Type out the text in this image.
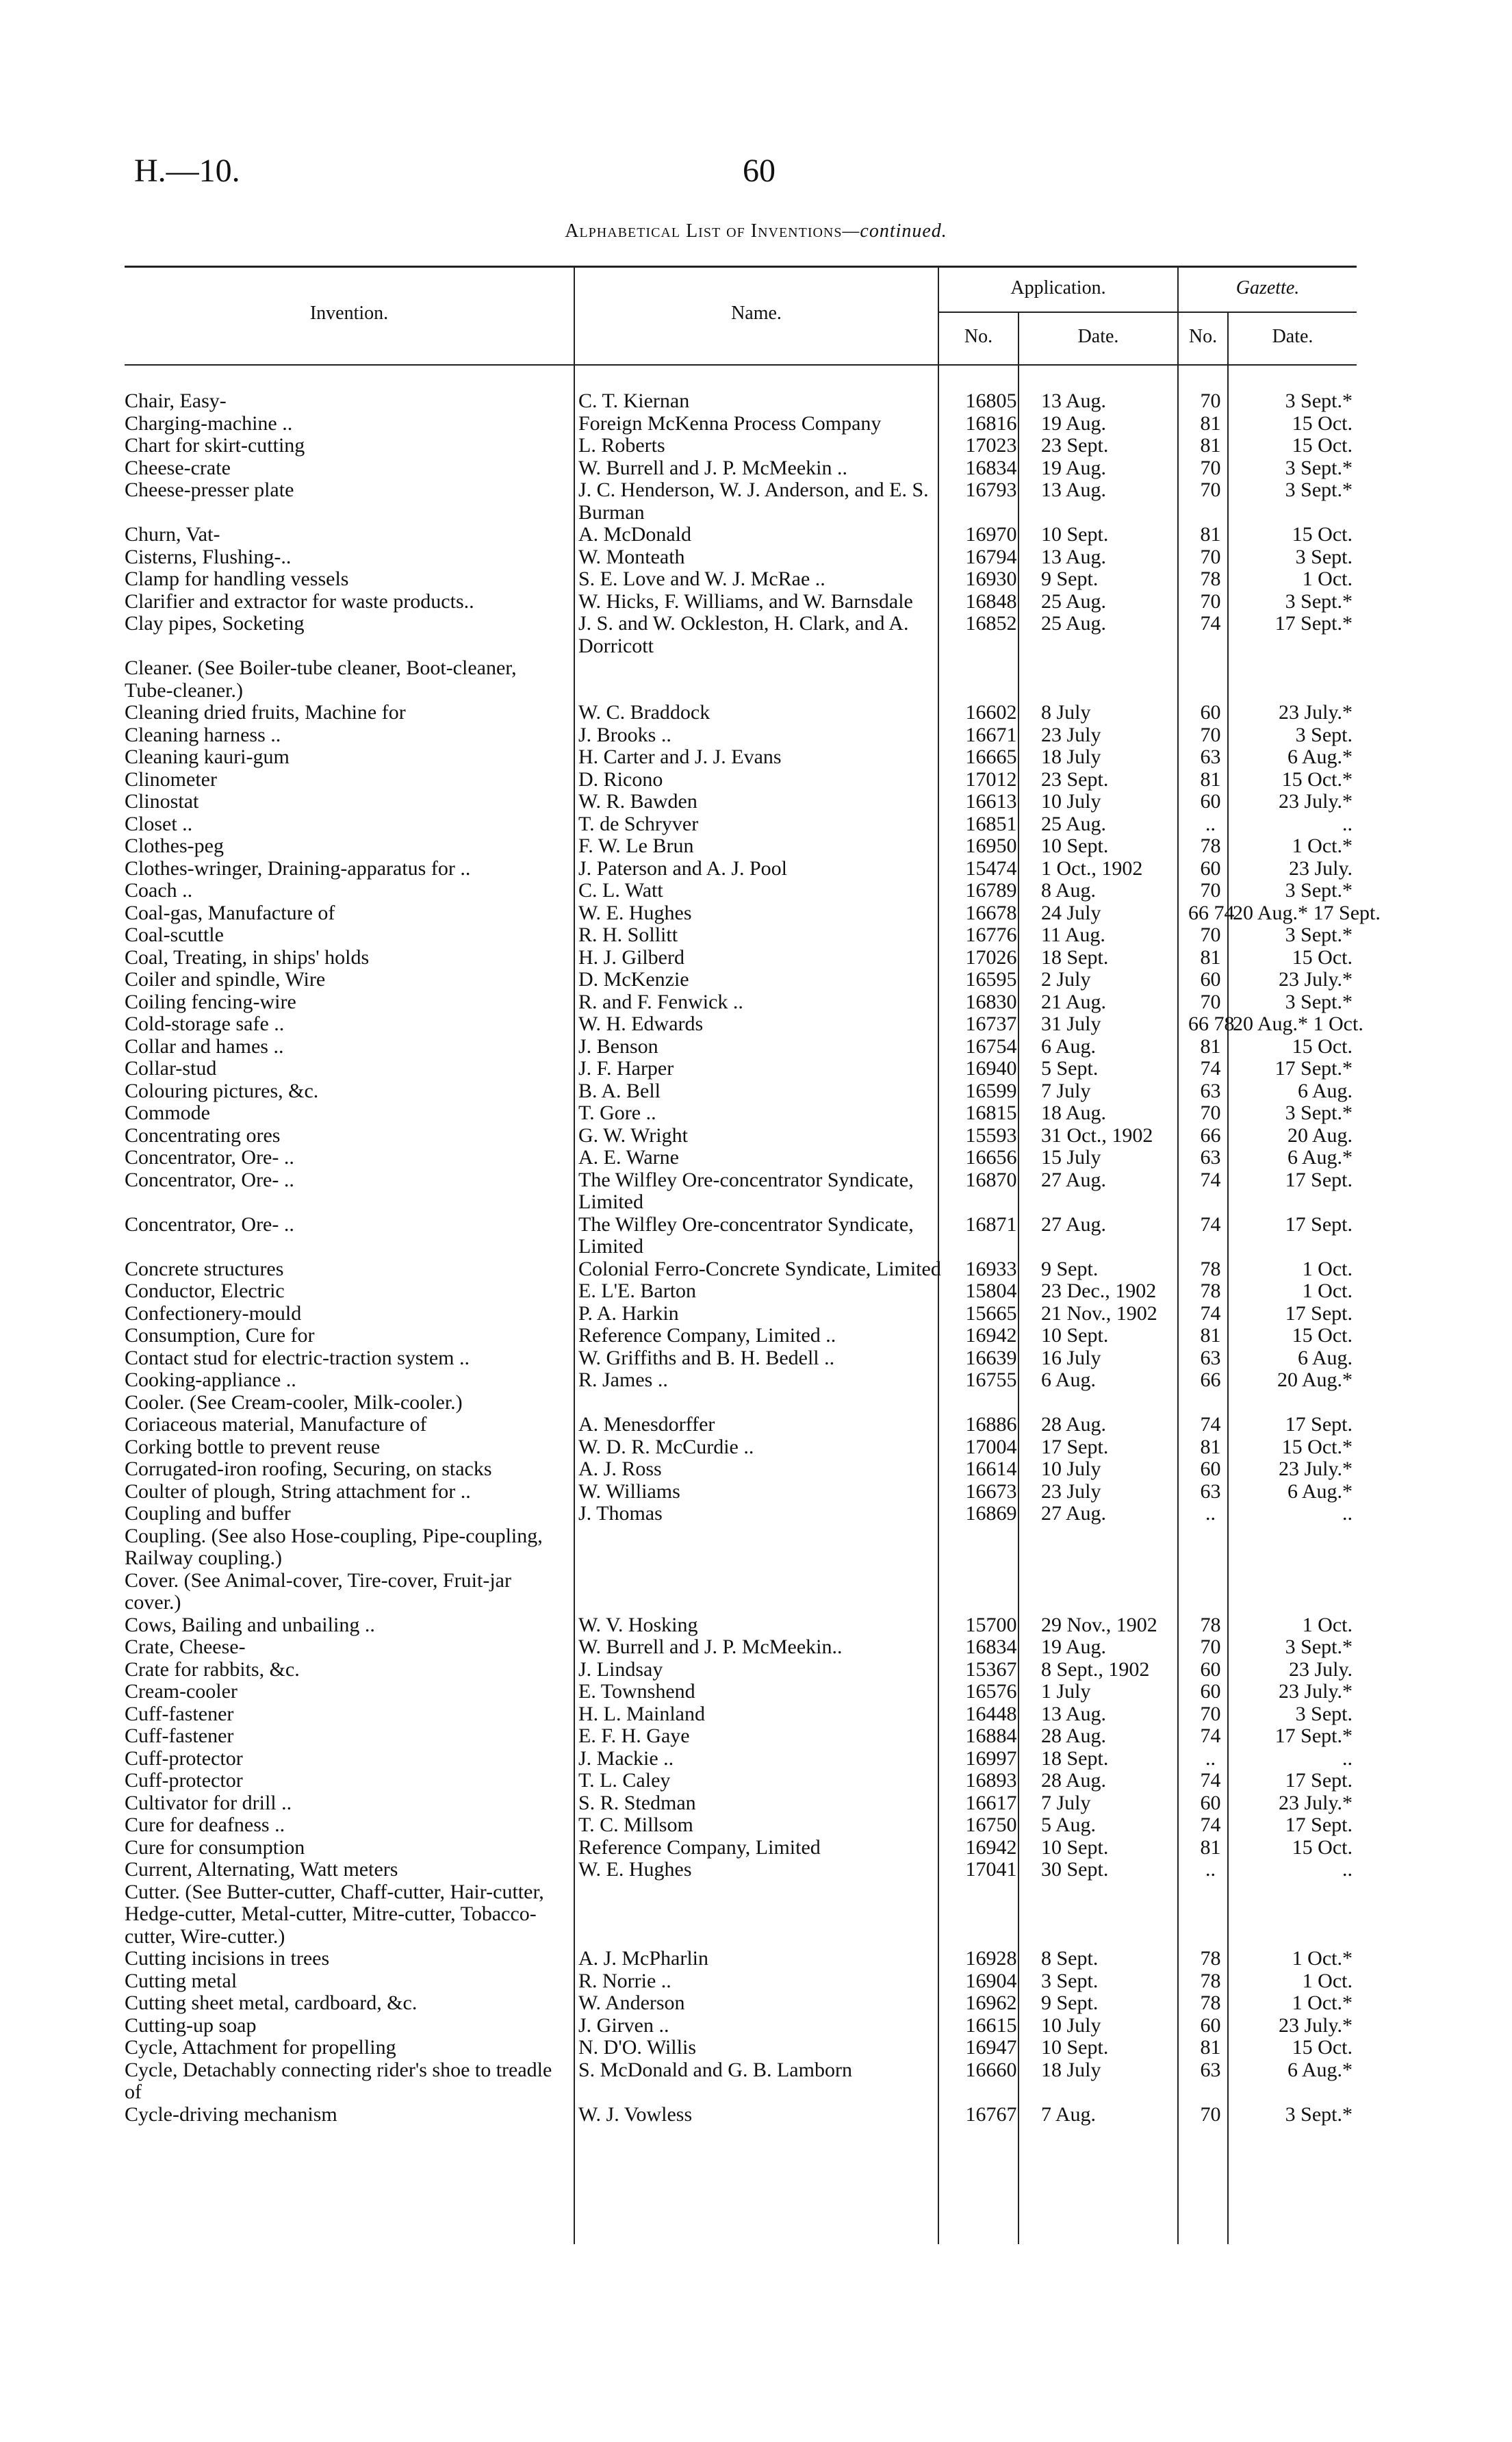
H.—10.	60
Alphabetical List of Inventions—continued.
Invention.	Name.
Application.	Gazette.
No.	Date.	No.	Date.
Chair, Easy-	C. T. Kiernan	16805	13 Aug.	70	3 Sept.*
Charging-machine ..	Foreign McKenna Process Company	16816	19 Aug.	81	15 Oct.
Chart for skirt-cutting	L. Roberts	17023	23 Sept.	81	15 Oct.
Cheese-crate	W. Burrell and J. P. McMeekin ..	16834	19 Aug.	70	3 Sept.*
Cheese-presser plate	J. C. Henderson, W. J. Anderson, and E. S. Burman	16793	13 Aug.	70	3 Sept.*
Churn, Vat-	A. McDonald	16970	10 Sept.	81	15 Oct.
Cisterns, Flushing-..	W. Monteath	16794	13 Aug.	70	3 Sept.
Clamp for handling vessels	S. E. Love and W. J. McRae ..	16930	9 Sept.	78	1 Oct.
Clarifier and extractor for waste products..	W. Hicks, F. Williams, and W. Barnsdale	16848	25 Aug.	70	3 Sept.*
Clay pipes, Socketing	J. S. and W. Ockleston, H. Clark, and A. Dorricott	16852	25 Aug.	74	17 Sept.*
Cleaner. (See Boiler-tube cleaner, Boot-cleaner, Tube-cleaner.)					
Cleaning dried fruits, Machine for	W. C. Braddock	16602	8 July	60	23 July.*
Cleaning harness ..	J. Brooks ..	16671	23 July	70	3 Sept.
Cleaning kauri-gum	H. Carter and J. J. Evans	16665	18 July	63	6 Aug.*
Clinometer	D. Ricono	17012	23 Sept.	81	15 Oct.*
Clinostat	W. R. Bawden	16613	10 July	60	23 July.*
Closet ..	T. de Schryver	16851	25 Aug.	..	..
Clothes-peg	F. W. Le Brun	16950	10 Sept.	78	1 Oct.*
Clothes-wringer, Draining-apparatus for ..	J. Paterson and A. J. Pool	15474	1 Oct., 1902	60	23 July.
Coach ..	C. L. Watt	16789	8 Aug.	70	3 Sept.*
Coal-gas, Manufacture of	W. E. Hughes	16678	24 July	66 74	20 Aug.* 17 Sept.
Coal-scuttle	R. H. Sollitt	16776	11 Aug.	70	3 Sept.*
Coal, Treating, in ships' holds	H. J. Gilberd	17026	18 Sept.	81	15 Oct.
Coiler and spindle, Wire	D. McKenzie	16595	2 July	60	23 July.*
Coiling fencing-wire	R. and F. Fenwick ..	16830	21 Aug.	70	3 Sept.*
Cold-storage safe ..	W. H. Edwards	16737	31 July	66 78	20 Aug.* 1 Oct.
Collar and hames ..	J. Benson	16754	6 Aug.	81	15 Oct.
Collar-stud	J. F. Harper	16940	5 Sept.	74	17 Sept.*
Colouring pictures, &c.	B. A. Bell	16599	7 July	63	6 Aug.
Commode	T. Gore ..	16815	18 Aug.	70	3 Sept.*
Concentrating ores	G. W. Wright	15593	31 Oct., 1902	66	20 Aug.
Concentrator, Ore- ..	A. E. Warne	16656	15 July	63	6 Aug.*
Concentrator, Ore- ..	The Wilfley Ore-concentrator Syndicate, Limited	16870	27 Aug.	74	17 Sept.
Concentrator, Ore- ..	The Wilfley Ore-concentrator Syndicate, Limited	16871	27 Aug.	74	17 Sept.
Concrete structures	Colonial Ferro-Concrete Syndicate, Limited	16933	9 Sept.	78	1 Oct.
Conductor, Electric	E. L'E. Barton	15804	23 Dec., 1902	78	1 Oct.
Confectionery-mould	P. A. Harkin	15665	21 Nov., 1902	74	17 Sept.
Consumption, Cure for	Reference Company, Limited ..	16942	10 Sept.	81	15 Oct.
Contact stud for electric-traction system ..	W. Griffiths and B. H. Bedell ..	16639	16 July	63	6 Aug.
Cooking-appliance ..	R. James ..	16755	6 Aug.	66	20 Aug.*
Cooler. (See Cream-cooler, Milk-cooler.)					
Coriaceous material, Manufacture of	A. Menesdorffer	16886	28 Aug.	74	17 Sept.
Corking bottle to prevent reuse	W. D. R. McCurdie ..	17004	17 Sept.	81	15 Oct.*
Corrugated-iron roofing, Securing, on stacks	A. J. Ross	16614	10 July	60	23 July.*
Coulter of plough, String attachment for ..	W. Williams	16673	23 July	63	6 Aug.*
Coupling and buffer	J. Thomas	16869	27 Aug.	..	..
Coupling. (See also Hose-coupling, Pipe-coupling, Railway coupling.)					
Cover. (See Animal-cover, Tire-cover, Fruit-jar cover.)					
Cows, Bailing and unbailing ..	W. V. Hosking	15700	29 Nov., 1902	78	1 Oct.
Crate, Cheese-	W. Burrell and J. P. McMeekin..	16834	19 Aug.	70	3 Sept.*
Crate for rabbits, &c.	J. Lindsay	15367	8 Sept., 1902	60	23 July.
Cream-cooler	E. Townshend	16576	1 July	60	23 July.*
Cuff-fastener	H. L. Mainland	16448	13 Aug.	70	3 Sept.
Cuff-fastener	E. F. H. Gaye	16884	28 Aug.	74	17 Sept.*
Cuff-protector	J. Mackie ..	16997	18 Sept.	..	..
Cuff-protector	T. L. Caley	16893	28 Aug.	74	17 Sept.
Cultivator for drill ..	S. R. Stedman	16617	7 July	60	23 July.*
Cure for deafness ..	T. C. Millsom	16750	5 Aug.	74	17 Sept.
Cure for consumption	Reference Company, Limited	16942	10 Sept.	81	15 Oct.
Current, Alternating, Watt meters	W. E. Hughes	17041	30 Sept.	..	..
Cutter. (See Butter-cutter, Chaff-cutter, Hair-cutter, Hedge-cutter, Metal-cutter, Mitre-cutter, Tobacco-cutter, Wire-cutter.)					
Cutting incisions in trees	A. J. McPharlin	16928	8 Sept.	78	1 Oct.*
Cutting metal	R. Norrie ..	16904	3 Sept.	78	1 Oct.
Cutting sheet metal, cardboard, &c.	W. Anderson	16962	9 Sept.	78	1 Oct.*
Cutting-up soap	J. Girven ..	16615	10 July	60	23 July.*
Cycle, Attachment for propelling	N. D'O. Willis	16947	10 Sept.	81	15 Oct.
Cycle, Detachably connecting rider's shoe to treadle of	S. McDonald and G. B. Lamborn	16660	18 July	63	6 Aug.*
Cycle-driving mechanism	W. J. Vowless	16767	7 Aug.	70	3 Sept.*
